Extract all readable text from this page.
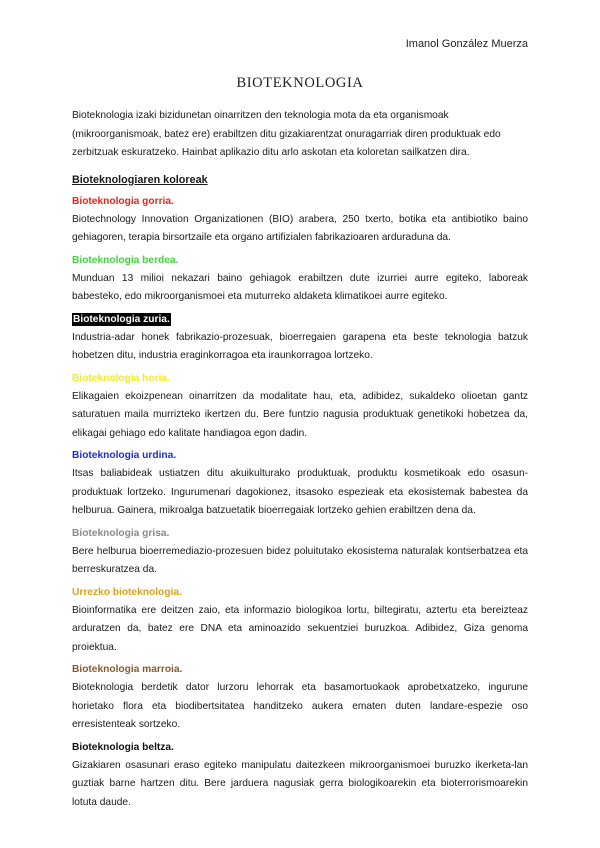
Imanol González Muerza
BIOTEKNOLOGIA
Bioteknologia izaki bizidunetan oinarritzen den teknologia mota da eta organismoak (mikroorganismoak, batez ere) erabiltzen ditu gizakiarentzat onuragarriak diren produktuak edo zerbitzuak eskuratzeko. Hainbat aplikazio ditu arlo askotan eta koloretan sailkatzen dira.
Bioteknologiaren koloreak
Bioteknologia gorria.
Biotechnology Innovation Organizationen (BIO) arabera, 250 txerto, botika eta antibiotiko baino gehiagoren, terapia birsortzaile eta organo artifizialen fabrikazioaren arduraduna da.
Bioteknologia berdea.
Munduan 13 milioi nekazari baino gehiagok erabiltzen dute izurriei aurre egiteko, laboreak babesteko, edo mikroorganismoei eta muturreko aldaketa klimatikoei aurre egiteko.
Bioteknologia zuria.
Industria-adar honek fabrikazio-prozesuak, bioerregaien garapena eta beste teknologia batzuk hobetzen ditu, industria eraginkorragoa eta iraunkorragoa lortzeko.
Bioteknologia horia.
Elikagaien ekoizpenean oinarritzen da modalitate hau, eta, adibidez, sukaldeko olioetan gantz saturatuen maila murrizteko ikertzen du. Bere funtzio nagusia produktuak genetikoki hobetzea da, elikagai gehiago edo kalitate handiagoa egon dadin.
Bioteknologia urdina.
Itsas baliabideak ustiatzen ditu akuikulturako produktuak, produktu kosmetikoak edo osasun-produktuak lortzeko. Ingurumenari dagokionez, itsasoko espezieak eta ekosistemak babestea da helburua. Gainera, mikroalga batzuetatik bioerregaiak lortzeko gehien erabiltzen dena da.
Bioteknologia grisa.
Bere helburua bioerremediazio-prozesuen bidez poluitutako ekosistema naturalak kontserbatzea eta berreskuratzea da.
Urrezko bioteknologia.
Bioinformatika ere deitzen zaio, eta informazio biologikoa lortu, biltegiratu, aztertu eta bereizteaz arduratzen da, batez ere DNA eta aminoazido sekuentziei buruzkoa. Adibidez, Giza genoma proiektua.
Bioteknologia marroia.
Bioteknologia berdetik dator lurzoru lehorrak eta basamortuokaok aprobetxatzeko, ingurune horietako flora eta biodibertsitatea handitzeko aukera ematen duten landare-espezie oso erresistenteak sortzeko.
Bioteknologia beltza.
Gizakiaren osasunari eraso egiteko manipulatu daitezkeen mikroorganismoei buruzko ikerketa-lan guztiak barne hartzen ditu. Bere jarduera nagusiak gerra biologikoarekin eta bioterrorismoarekin lotuta daude.
